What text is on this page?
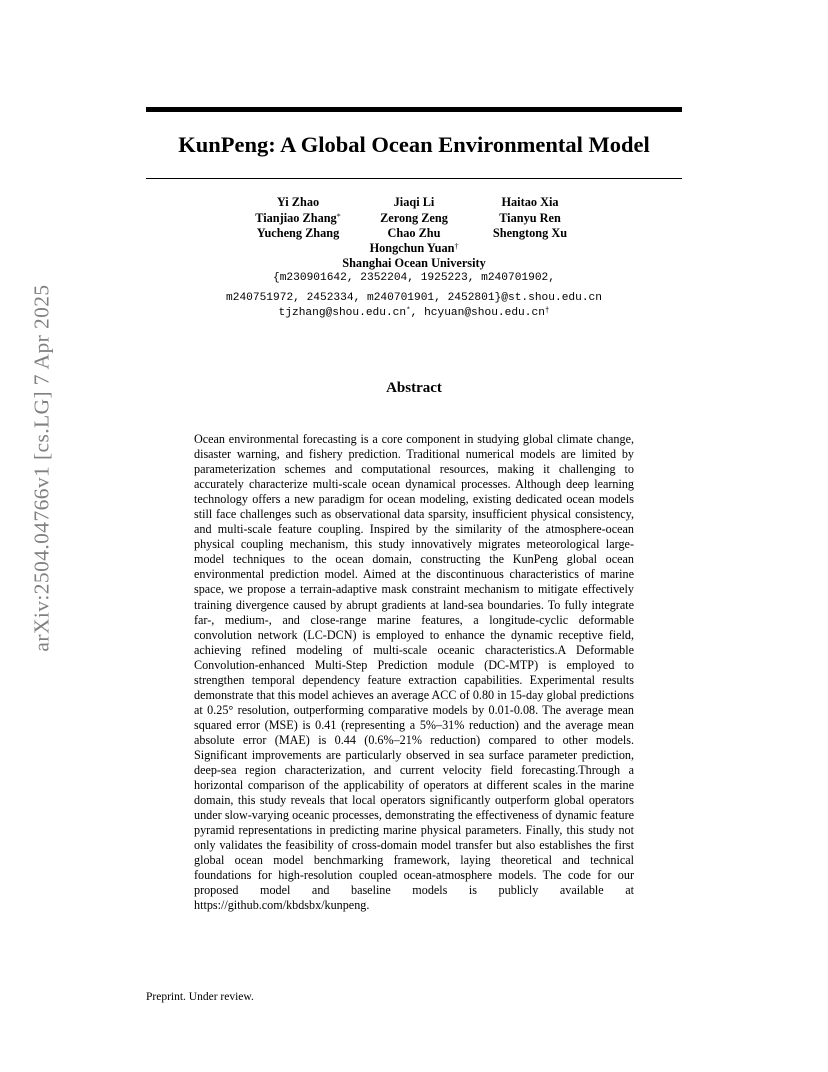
arXiv:2504.04766v1 [cs.LG] 7 Apr 2025
KunPeng: A Global Ocean Environmental Model
Yi Zhao	Jiaqi Li	Haitao Xia
Tianjiao Zhang*	Zerong Zeng	Tianyu Ren
Yucheng Zhang	Chao Zhu	Shengtong Xu
Hongchun Yuan†
Shanghai Ocean University
{m230901642, 2352204, 1925223, m240701902,
m240751972, 2452334, m240701901, 2452801}@st.shou.edu.cn
tjzhang@shou.edu.cn*, hcyuan@shou.edu.cn†
Abstract

Ocean environmental forecasting is a core component in studying global climate change, disaster warning, and fishery prediction. Traditional numerical models are limited by parameterization schemes and computational resources, making it challenging to accurately characterize multi-scale ocean dynamical processes. Although deep learning technology offers a new paradigm for ocean modeling, existing dedicated ocean models still face challenges such as observational data sparsity, insufficient physical consistency, and multi-scale feature coupling. Inspired by the similarity of the atmosphere-ocean physical coupling mechanism, this study innovatively migrates meteorological large-model techniques to the ocean domain, constructing the KunPeng global ocean environmental prediction model. Aimed at the discontinuous characteristics of marine space, we propose a terrain-adaptive mask constraint mechanism to mitigate effectively training divergence caused by abrupt gradients at land-sea boundaries. To fully integrate far-, medium-, and close-range marine features, a longitude-cyclic deformable convolution network (LC-DCN) is employed to enhance the dynamic receptive field, achieving refined modeling of multi-scale oceanic characteristics.A Deformable Convolution-enhanced Multi-Step Prediction module (DC-MTP) is employed to strengthen temporal dependency feature extraction capabilities. Experimental results demonstrate that this model achieves an average ACC of 0.80 in 15-day global predictions at 0.25° resolution, outperforming comparative models by 0.01-0.08. The average mean squared error (MSE) is 0.41 (representing a 5%–31% reduction) and the average mean absolute error (MAE) is 0.44 (0.6%–21% reduction) compared to other models. Significant improvements are particularly observed in sea surface parameter prediction, deep-sea region characterization, and current velocity field forecasting.Through a horizontal comparison of the applicability of operators at different scales in the marine domain, this study reveals that local operators significantly outperform global operators under slow-varying oceanic processes, demonstrating the effectiveness of dynamic feature pyramid representations in predicting marine physical parameters. Finally, this study not only validates the feasibility of cross-domain model transfer but also establishes the first global ocean model benchmarking framework, laying theoretical and technical foundations for high-resolution coupled ocean-atmosphere models. The code for our proposed model and baseline models is publicly available at https://github.com/kbdsbx/kunpeng.

Preprint. Under review.
